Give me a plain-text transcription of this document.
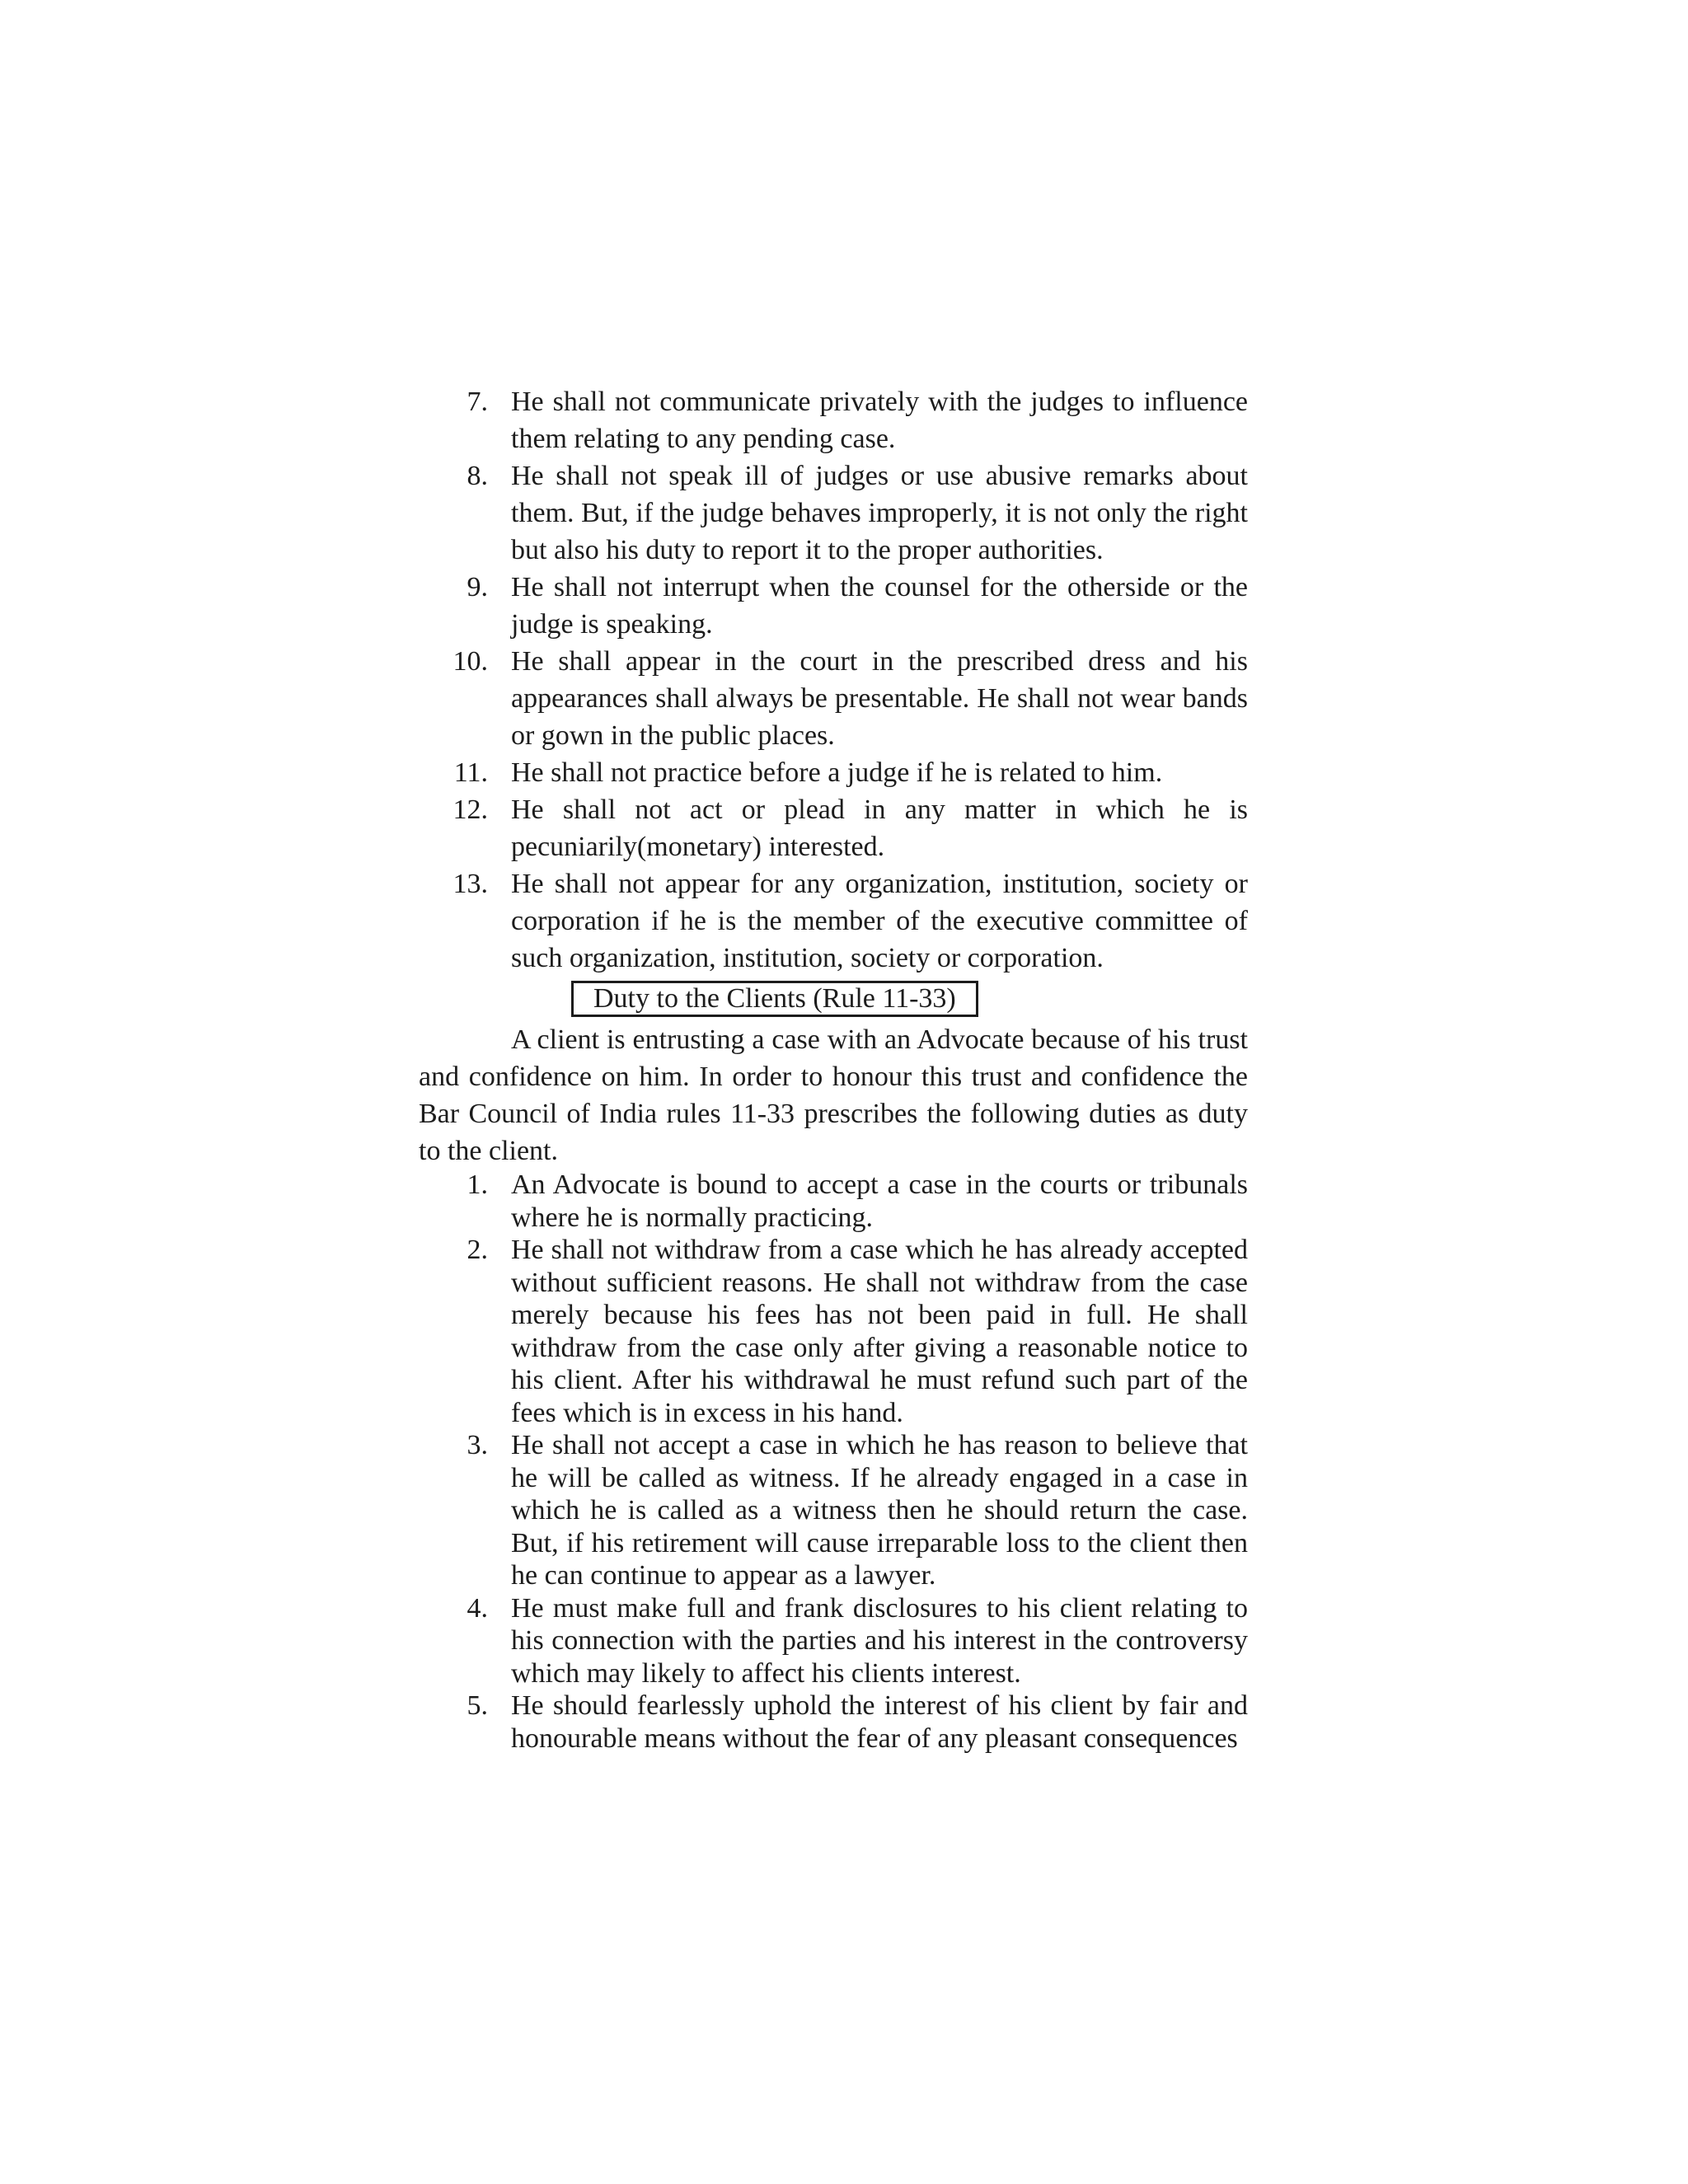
7. He shall not communicate privately with the judges to influence them relating to any pending case.
8. He shall not speak ill of judges or use abusive remarks about them. But, if the judge behaves improperly, it is not only the right but also his duty to report it to the proper authorities.
9. He shall not interrupt when the counsel for the otherside or the judge is speaking.
10. He shall appear in the court in the prescribed dress and his appearances shall always be presentable. He shall not wear bands or gown in the public places.
11. He shall not practice before a judge if he is related to him.
12. He shall not act or plead in any matter in which he is pecuniarily(monetary) interested.
13. He shall not appear for any organization, institution, society or corporation if he is the member of the executive committee of such organization, institution, society or corporation.
Duty to the Clients (Rule 11-33)

A client is entrusting a case with an Advocate because of his trust and confidence on him. In order to honour this trust and confidence the Bar Council of India rules 11-33 prescribes the following duties as duty to the client.

1. An Advocate is bound to accept a case in the courts or tribunals where he is normally practicing.
2. He shall not withdraw from a case which he has already accepted without sufficient reasons. He shall not withdraw from the case merely because his fees has not been paid in full. He shall withdraw from the case only after giving a reasonable notice to his client. After his withdrawal he must refund such part of the fees which is in excess in his hand.
3. He shall not accept a case in which he has reason to believe that he will be called as witness. If he already engaged in a case in which he is called as a witness then he should return the case. But, if his retirement will cause irreparable loss to the client then he can continue to appear as a lawyer.
4. He must make full and frank disclosures to his client relating to his connection with the parties and his interest in the controversy which may likely to affect his clients interest.
5. He should fearlessly uphold the interest of his client by fair and honourable means without the fear of any pleasant consequences
